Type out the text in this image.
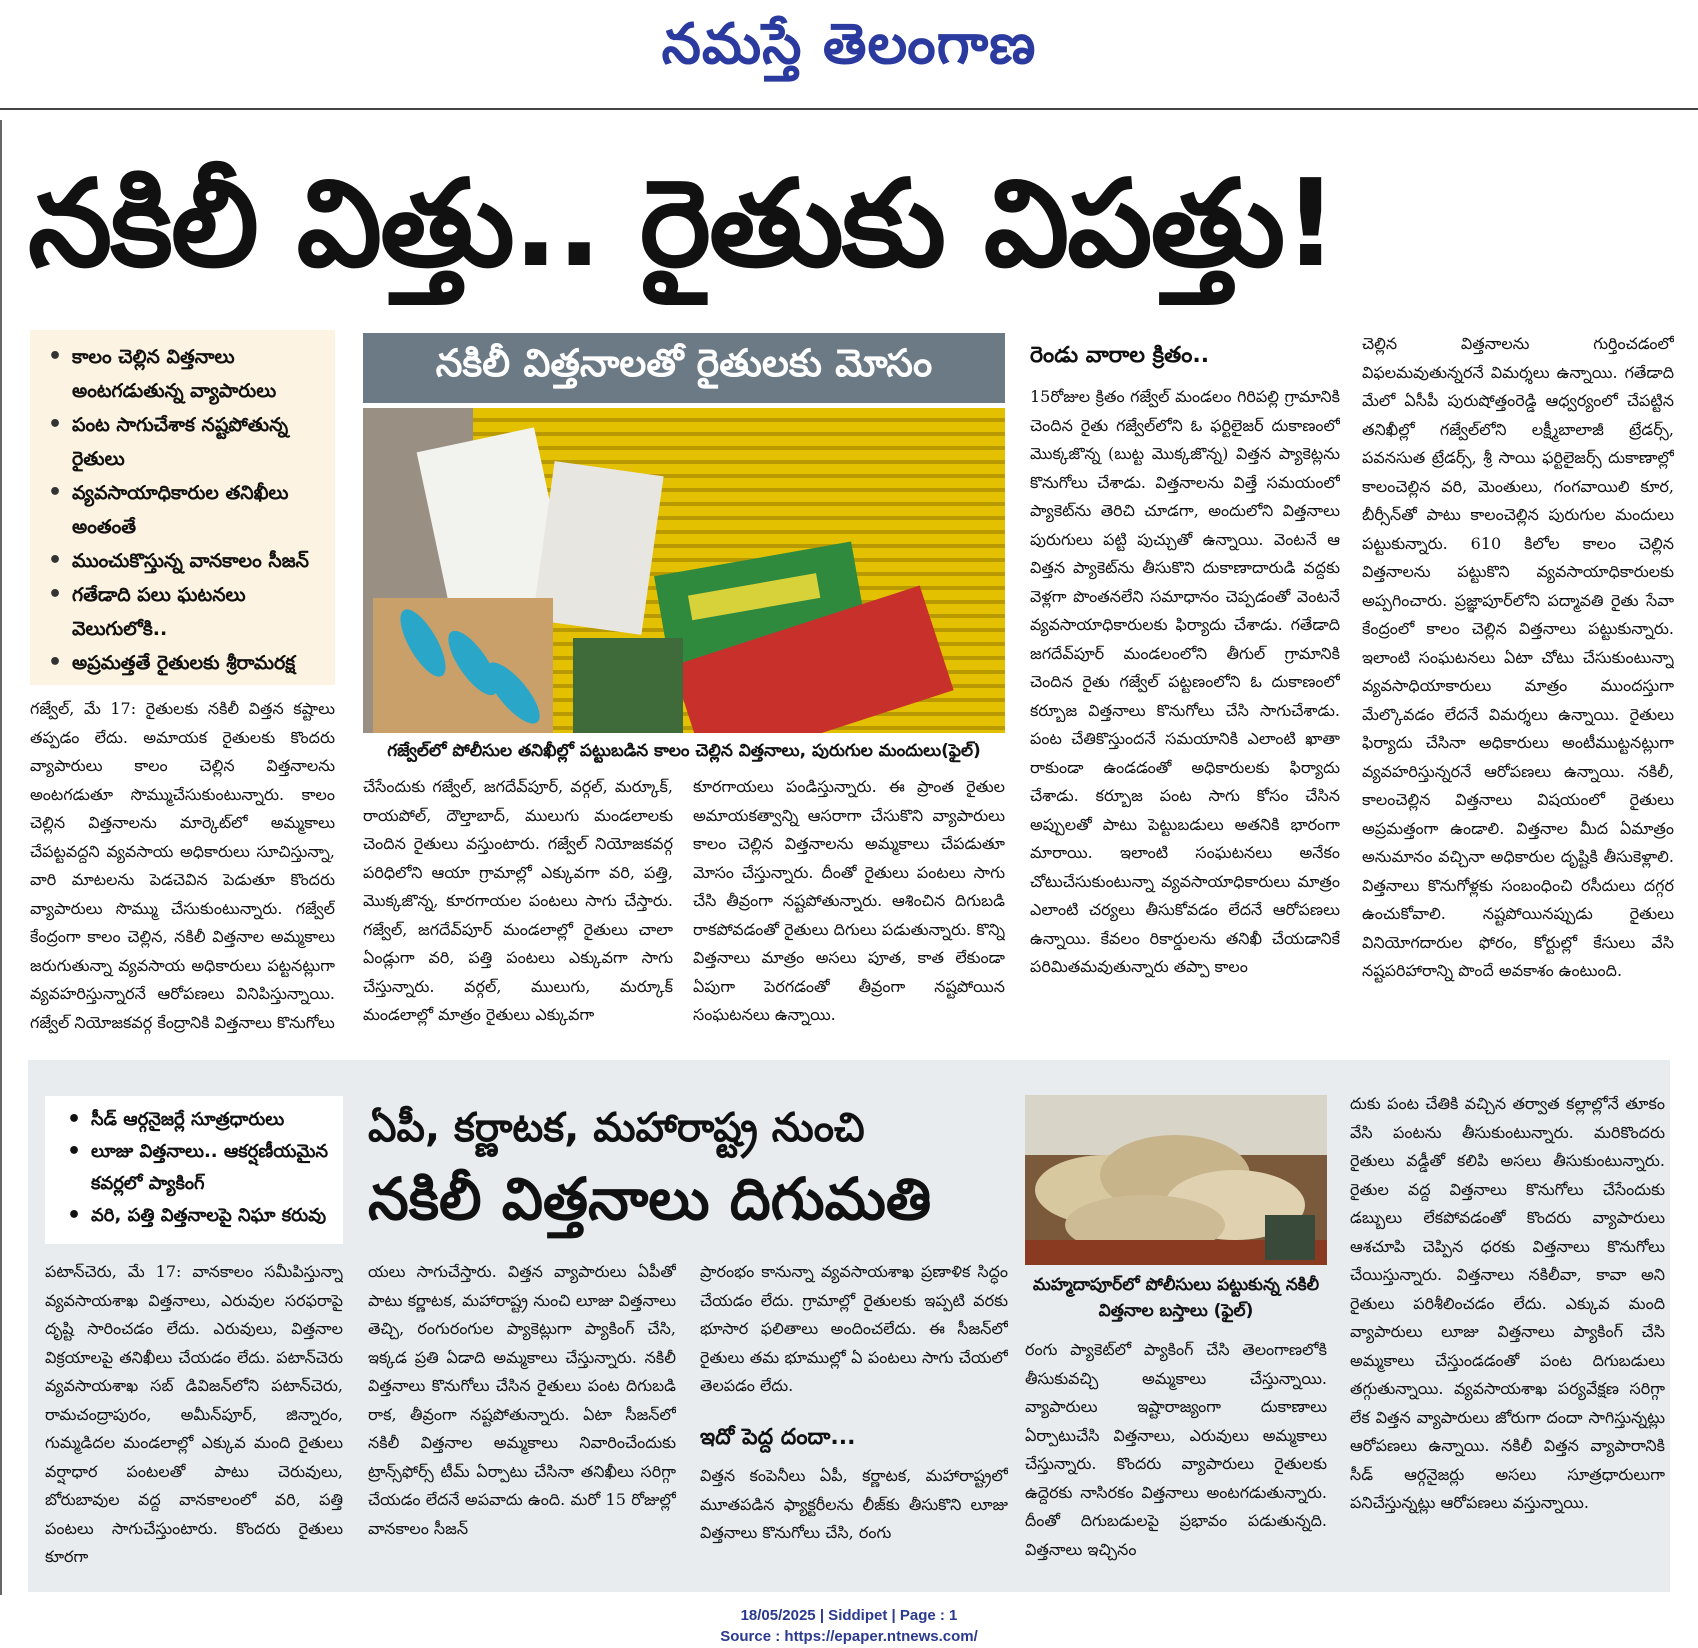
నమస్తే తెలంగాణ
నకిలీ విత్తు.. రైతుకు విపత్తు!
• కాలం చెల్లిన విత్తనాలు అంటగడుతున్న వ్యాపారులు
• పంట సాగుచేశాక నష్టపోతున్న రైతులు
• వ్యవసాయాధికారుల తనిఖీలు అంతంతే
• ముంచుకొస్తున్న వానకాలం సీజన్
• గతేడాది పలు ఘటనలు వెలుగులోకి..
• అప్రమత్తతే రైతులకు శ్రీరామరక్ష
గజ్వేల్, మే 17: రైతులకు నకిలీ విత్తన కష్టాలు తప్పడం లేదు. అమాయక రైతులకు కొందరు వ్యాపారులు కాలం చెల్లిన విత్తనాలను అంటగడుతూ సొమ్ముచేసుకుంటున్నారు. కాలం చెల్లిన విత్తనాలను మార్కెట్‌లో అమ్మకాలు చేపట్టవద్దని వ్యవసాయ అధికారులు సూచిస్తున్నా, వారి మాటలను పెడచెవిన పెడుతూ కొందరు వ్యాపారులు సొమ్ము చేసుకుంటున్నారు. గజ్వేల్ కేంద్రంగా కాలం చెల్లిన, నకిలీ విత్తనాల అమ్మకాలు జరుగుతున్నా వ్యవసాయ అధికారులు పట్టనట్లుగా వ్యవహరిస్తున్నారనే ఆరోపణలు వినిపిస్తున్నాయి. గజ్వేల్ నియోజకవర్గ కేంద్రానికి విత్తనాలు కొనుగోలు
నకిలీ విత్తనాలతో రైతులకు మోసం
గజ్వేల్‌లో పోలీసుల తనిఖీల్లో పట్టుబడిన కాలం చెల్లిన విత్తనాలు, పురుగుల మందులు(ఫైల్)
చేసేందుకు గజ్వేల్, జగదేవ్‌పూర్, వర్గల్, మర్కూక్, రాయపోల్, దౌల్తాబాద్, ములుగు మండలాలకు చెందిన రైతులు వస్తుంటారు. గజ్వేల్ నియోజకవర్గ పరిధిలోని ఆయా గ్రామాల్లో ఎక్కువగా వరి, పత్తి, మొక్కజొన్న, కూరగాయల పంటలు సాగు చేస్తారు. గజ్వేల్, జగదేవ్‌పూర్ మండలాల్లో రైతులు చాలా ఏండ్లుగా వరి, పత్తి పంటలు ఎక్కువగా సాగు చేస్తున్నారు. వర్గల్, ములుగు, మర్కూక్ మండలాల్లో మాత్రం రైతులు ఎక్కువగా
కూరగాయలు పండిస్తున్నారు. ఈ ప్రాంత రైతుల అమాయకత్వాన్ని ఆసరాగా చేసుకొని వ్యాపారులు కాలం చెల్లిన విత్తనాలను అమ్మకాలు చేపడుతూ మోసం చేస్తున్నారు. దీంతో రైతులు పంటలు సాగు చేసి తీవ్రంగా నష్టపోతున్నారు. ఆశించిన దిగుబడి రాకపోవడంతో రైతులు దిగులు పడుతున్నారు. కొన్ని విత్తనాలు మాత్రం అసలు పూత, కాత లేకుండా ఏపుగా పెరగడంతో తీవ్రంగా నష్టపోయిన సంఘటనలు ఉన్నాయి.
రెండు వారాల క్రితం..
15రోజుల క్రితం గజ్వేల్ మండలం గిరిపల్లి గ్రామానికి చెందిన రైతు గజ్వేల్‌లోని ఓ ఫర్టిలైజర్ దుకాణంలో మొక్కజొన్న (బుట్ట మొక్కజొన్న) విత్తన ప్యాకెట్లను కొనుగోలు చేశాడు. విత్తనాలను విత్తే సమయంలో ప్యాకెట్‌ను తెరిచి చూడగా, అందులోని విత్తనాలు పురుగులు పట్టి పుచ్చుతో ఉన్నాయి. వెంటనే ఆ విత్తన ప్యాకెట్‌ను తీసుకొని దుకాణాదారుడి వద్దకు వెళ్లగా పొంతనలేని సమాధానం చెప్పడంతో వెంటనే వ్యవసాయాధికారులకు ఫిర్యాదు చేశాడు. గతేడాది జగదేవ్‌పూర్ మండలంలోని తీగుల్ గ్రామానికి చెందిన రైతు గజ్వేల్ పట్టణంలోని ఓ దుకాణంలో కర్బూజ విత్తనాలు కొనుగోలు చేసి సాగుచేశాడు. పంట చేతికొస్తుందనే సమయానికి ఎలాంటి ఖాతా రాకుండా ఉండడంతో అధికారులకు ఫిర్యాదు చేశాడు. కర్బూజ పంట సాగు కోసం చేసిన అప్పులతో పాటు పెట్టుబడులు అతనికి భారంగా మారాయి. ఇలాంటి సంఘటనలు అనేకం చోటుచేసుకుంటున్నా వ్యవసాయాధికారులు మాత్రం ఎలాంటి చర్యలు తీసుకోవడం లేదనే ఆరోపణలు ఉన్నాయి. కేవలం రికార్డులను తనిఖీ చేయడానికే పరిమితమవుతున్నారు తప్పా కాలం
చెల్లిన విత్తనాలను గుర్తించడంలో విఫలమవుతున్నరనే విమర్శలు ఉన్నాయి. గతేడాది మేలో ఏసీపీ పురుషోత్తంరెడ్డి ఆధ్వర్యంలో చేపట్టిన తనిఖీల్లో గజ్వేల్‌లోని లక్ష్మీబాలాజీ ట్రేడర్స్, పవనసుత ట్రేడర్స్, శ్రీ సాయి ఫర్టిలైజర్స్ దుకాణాల్లో కాలంచెల్లిన వరి, మెంతులు, గంగవాయిలి కూర, బీర్సీన్‌తో పాటు కాలంచెల్లిన పురుగుల మందులు పట్టుకున్నారు. 610 కిలోల కాలం చెల్లిన విత్తనాలను పట్టుకొని వ్యవసాయాధికారులకు అప్పగించారు. ప్రజ్ఞాపూర్‌లోని పద్మావతి రైతు సేవా కేంద్రంలో కాలం చెల్లిన విత్తనాలు పట్టుకున్నారు. ఇలాంటి సంఘటనలు ఏటా చోటు చేసుకుంటున్నా వ్యవసాధియాకారులు మాత్రం ముందస్తుగా మేల్కొవడం లేదనే విమర్శలు ఉన్నాయి. రైతులు ఫిర్యాదు చేసినా అధికారులు అంటీముట్టనట్లుగా వ్యవహరిస్తున్నరనే ఆరోపణలు ఉన్నాయి. నకిలీ, కాలంచెల్లిన విత్తనాలు విషయంలో రైతులు అప్రమత్తంగా ఉండాలి. విత్తనాల మీద ఏమాత్రం అనుమానం వచ్చినా అధికారుల దృష్టికి తీసుకెళ్లాలి. విత్తనాలు కొనుగోళ్లకు సంబంధించి రసీదులు దగ్గర ఉంచుకోవాలి. నష్టపోయినప్పుడు రైతులు వినియోగదారుల ఫోరం, కోర్టుల్లో కేసులు వేసి నష్టపరిహారాన్ని పొందే అవకాశం ఉంటుంది.
• సీడ్ ఆర్గనైజర్లే సూత్రధారులు
• లూజు విత్తనాలు.. ఆకర్షణీయమైన కవర్లలో ప్యాకింగ్
• వరి, పత్తి విత్తనాలపై నిఘా కరువు
ఏపీ, కర్ణాటక, మహారాష్ట్ర నుంచి
నకిలీ విత్తనాలు దిగుమతి
మహ్మదాపూర్‌లో పోలీసులు పట్టుకున్న నకిలీ విత్తనాల బస్తాలు (ఫైల్)
పటాన్‌చెరు, మే 17: వానకాలం సమీపిస్తున్నా వ్యవసాయశాఖ విత్తనాలు, ఎరువుల సరఫరాపై దృష్టి సారించడం లేదు. ఎరువులు, విత్తనాల విక్రయాలపై తనిఖీలు చేయడం లేదు. పటాన్‌చెరు వ్యవసాయశాఖ సబ్ డివిజన్‌లోని పటాన్‌చెరు, రామచంద్రాపురం, అమీన్‌పూర్, జిన్నారం, గుమ్మడిదల మండలాల్లో ఎక్కువ మంది రైతులు వర్షాధార పంటలతో పాటు చెరువులు, బోరుబావుల వద్ద వానకాలంలో వరి, పత్తి పంటలు సాగుచేస్తుంటారు. కొందరు రైతులు కూరగా
యలు సాగుచేస్తారు. విత్తన వ్యాపారులు ఏపీతో పాటు కర్ణాటక, మహారాష్ట్ర నుంచి లూజు విత్తనాలు తెచ్చి, రంగురంగుల ప్యాకెట్లుగా ప్యాకింగ్ చేసి, ఇక్కడ ప్రతి ఏడాది అమ్మకాలు చేస్తున్నారు. నకిలీ విత్తనాలు కొనుగోలు చేసిన రైతులు పంట దిగుబడి రాక, తీవ్రంగా నష్టపోతున్నారు. ఏటా సీజన్‌లో నకిలీ విత్తనాల అమ్మకాలు నివారించేందుకు ట్రాన్స్‌ఫోర్స్ టీమ్ ఏర్పాటు చేసినా తనిఖీలు సరిగ్గా చేయడం లేదనే అపవాదు ఉంది. మరో 15 రోజుల్లో వానకాలం సీజన్
ప్రారంభం కానున్నా వ్యవసాయశాఖ ప్రణాళిక సిద్ధం చేయడం లేదు. గ్రామాల్లో రైతులకు ఇప్పటి వరకు భూసార ఫలితాలు అందించలేదు. ఈ సీజన్‌లో రైతులు తమ భూముల్లో ఏ పంటలు సాగు చేయలో తెలపడం లేదు.
ఇదో పెద్ద దందా...
విత్తన కంపెనీలు ఏపీ, కర్ణాటక, మహారాష్ట్రలో మూతపడిన ఫ్యాక్టరీలను లీజ్‌కు తీసుకొని లూజు విత్తనాలు కొనుగోలు చేసి, రంగు
రంగు ప్యాకెట్‌లో ప్యాకింగ్ చేసి తెలంగాణలోకి తీసుకువచ్చి అమ్మకాలు చేస్తున్నాయి. వ్యాపారులు ఇష్టారాజ్యంగా దుకాణాలు ఏర్పాటుచేసి విత్తనాలు, ఎరువులు అమ్మకాలు చేస్తున్నారు. కొందరు వ్యాపారులు రైతులకు ఉద్దెరకు నాసిరకం విత్తనాలు అంటగడుతున్నారు. దీంతో దిగుబడులపై ప్రభావం పడుతున్నది. విత్తనాలు ఇచ్చినం
దుకు పంట చేతికి వచ్చిన తర్వాత కల్లాల్లోనే తూకం వేసి పంటను తీసుకుంటున్నారు. మరికొందరు రైతులు వడ్డీతో కలిపి అసలు తీసుకుంటున్నారు. రైతుల వద్ద విత్తనాలు కొనుగోలు చేసేందుకు డబ్బులు లేకపోవడంతో కొందరు వ్యాపారులు ఆశచూపి చెప్పిన ధరకు విత్తనాలు కొనుగోలు చేయిస్తున్నారు. విత్తనాలు నకిలీవా, కావా అని రైతులు పరిశీలించడం లేదు. ఎక్కువ మంది వ్యాపారులు లూజు విత్తనాలు ప్యాకింగ్ చేసి అమ్మకాలు చేస్తుండడంతో పంట దిగుబడులు తగ్గుతున్నాయి. వ్యవసాయశాఖ పర్యవేక్షణ సరిగ్గా లేక విత్తన వ్యాపారులు జోరుగా దందా సాగిస్తున్నట్లు ఆరోపణలు ఉన్నాయి. నకిలీ విత్తన వ్యాపారానికి సీడ్ ఆర్గనైజర్లు అసలు సూత్రధారులుగా పనిచేస్తున్నట్లు ఆరోపణలు వస్తున్నాయి.
18/05/2025 | Siddipet | Page : 1
Source : https://epaper.ntnews.com/
